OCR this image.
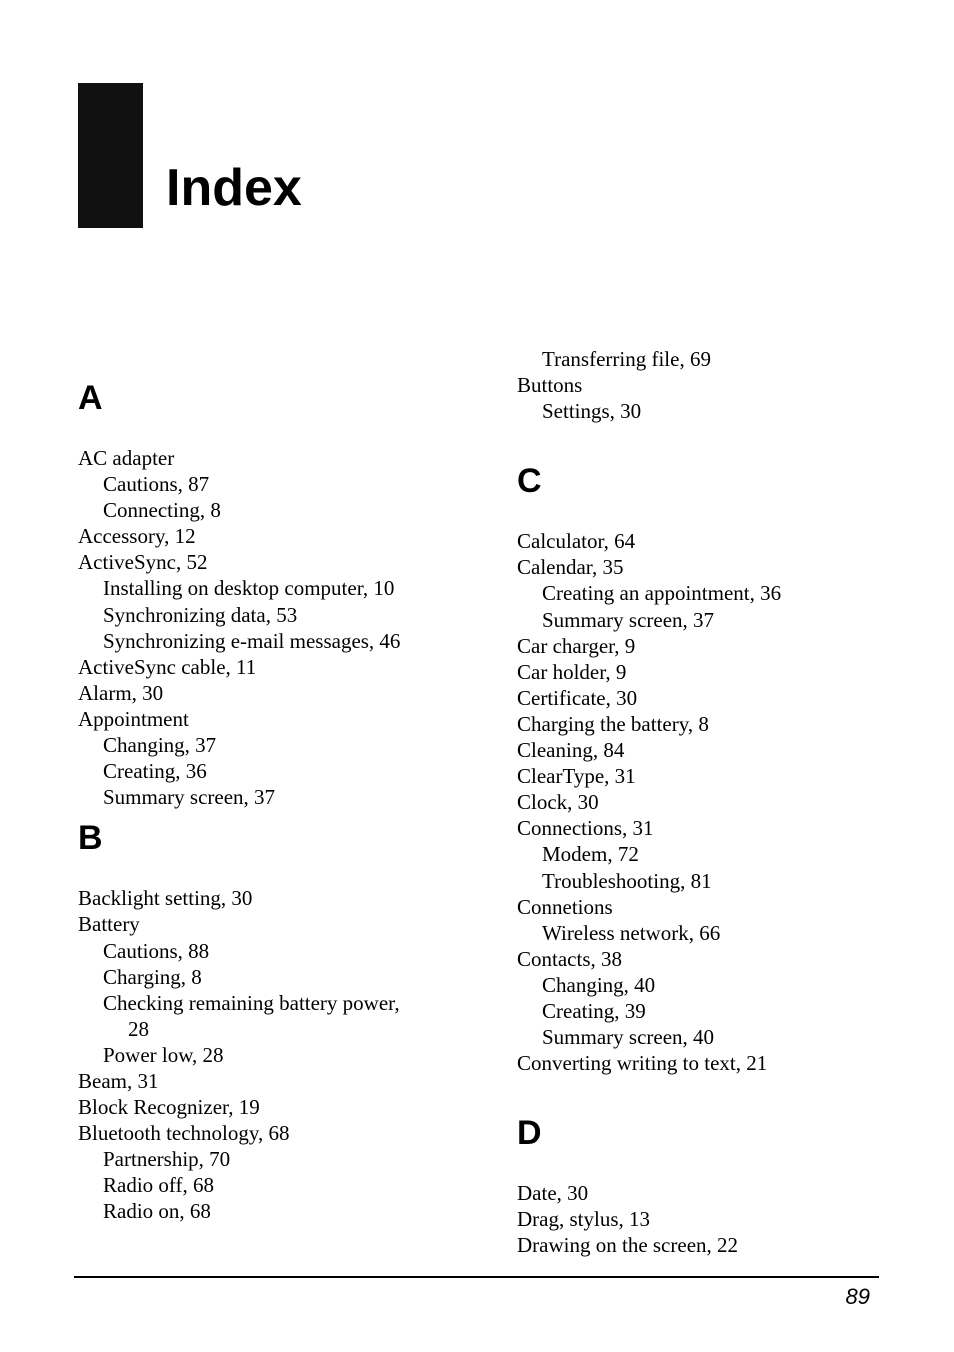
Index
A
AC adapter
Cautions, 87
Connecting, 8
Accessory, 12
ActiveSync, 52
Installing on desktop computer, 10
Synchronizing data, 53
Synchronizing e-mail messages, 46
ActiveSync cable, 11
Alarm, 30
Appointment
Changing, 37
Creating, 36
Summary screen, 37
B
Backlight setting, 30
Battery
Cautions, 88
Charging, 8
Checking remaining battery power,
28
Power low, 28
Beam, 31
Block Recognizer, 19
Bluetooth technology, 68
Partnership, 70
Radio off, 68
Radio on, 68
Transferring file, 69
Buttons
Settings, 30
C
Calculator, 64
Calendar, 35
Creating an appointment, 36
Summary screen, 37
Car charger, 9
Car holder, 9
Certificate, 30
Charging the battery, 8
Cleaning, 84
ClearType, 31
Clock, 30
Connections, 31
Modem, 72
Troubleshooting, 81
Connetions
Wireless network, 66
Contacts, 38
Changing, 40
Creating, 39
Summary screen, 40
Converting writing to text, 21
D
Date, 30
Drag, stylus, 13
Drawing on the screen, 22
89
